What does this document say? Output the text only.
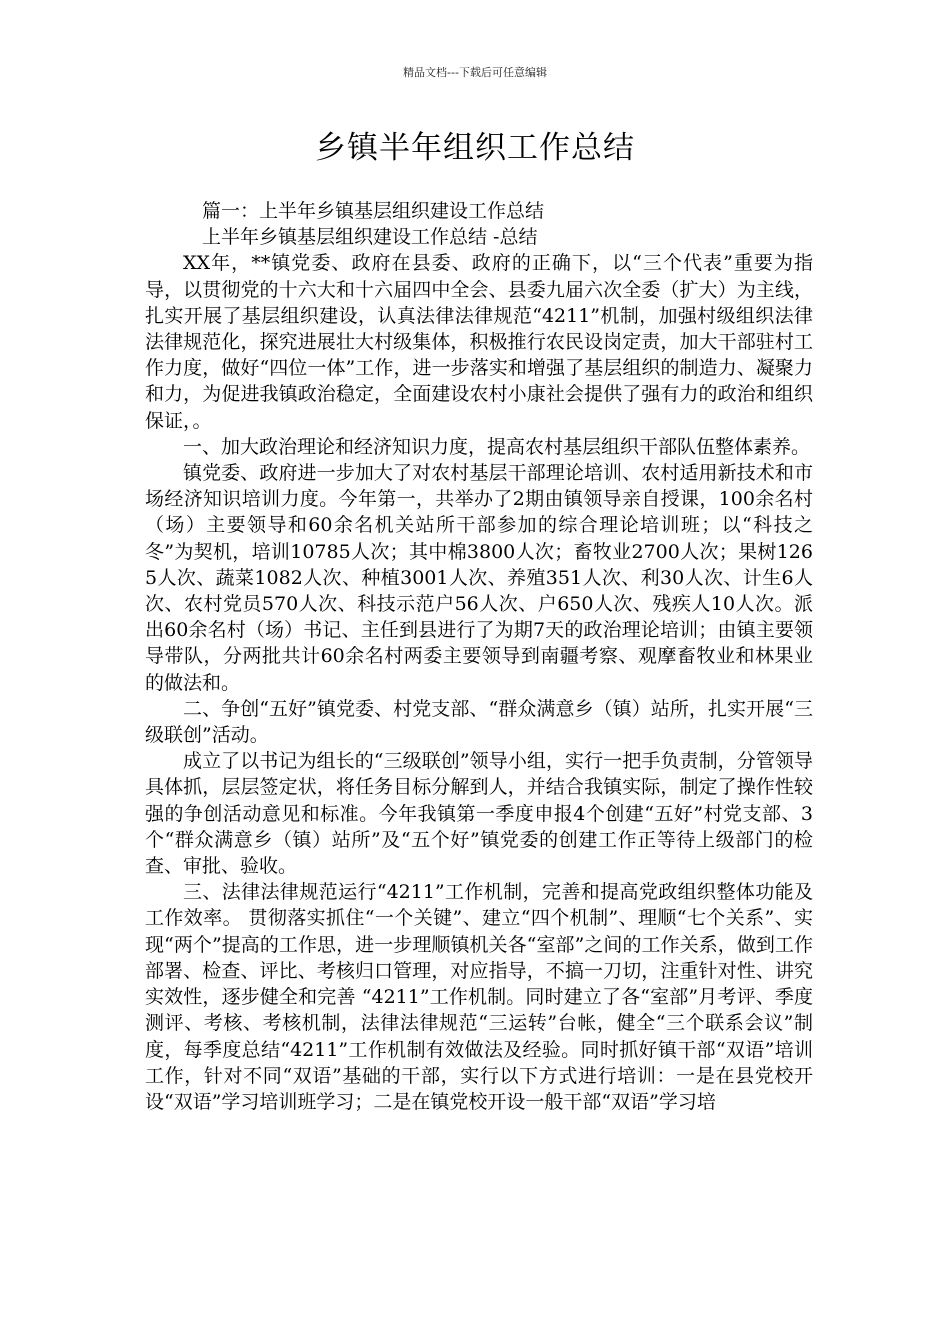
精品文档---下载后可任意编辑
乡镇半年组织工作总结

篇一：上半年乡镇基层组织建设工作总结

上半年乡镇基层组织建设工作总结 -总结

XX年，**镇党委、政府在县委、政府的正确下，以“三个代表”重要为指导，以贯彻党的十六大和十六届四中全会、县委九届六次全委（扩大）为主线，扎实开展了基层组织建设，认真法律法律规范“4211”机制，加强村级组织法律法律规范化，探究进展壮大村级集体，积极推行农民设岗定责，加大干部驻村工作力度，做好“四位一体”工作，进一步落实和增强了基层组织的制造力、凝聚力和力，为促进我镇政治稳定，全面建设农村小康社会提供了强有力的政治和组织保证，。

一、加大政治理论和经济知识力度，提高农村基层组织干部队伍整体素养。

镇党委、政府进一步加大了对农村基层干部理论培训、农村适用新技术和市场经济知识培训力度。今年第一，共举办了2期由镇领导亲自授课，100余名村（场）主要领导和60余名机关站所干部参加的综合理论培训班；以“科技之冬”为契机，培训10785人次；其中棉3800人次；畜牧业2700人次；果树1265人次、蔬菜1082人次、种植3001人次、养殖351人次、利30人次、计生6人次、农村党员570人次、科技示范户56人次、户650人次、残疾人10人次。派出60余名村（场）书记、主任到县进行了为期7天的政治理论培训；由镇主要领导带队，分两批共计60余名村两委主要领导到南疆考察、观摩畜牧业和林果业的做法和。

二、争创“五好”镇党委、村党支部、“群众满意乡（镇）站所，扎实开展“三级联创”活动。

成立了以书记为组长的“三级联创”领导小组，实行一把手负责制，分管领导具体抓，层层签定状，将任务目标分解到人，并结合我镇实际，制定了操作性较强的争创活动意见和标准。今年我镇第一季度申报4个创建“五好”村党支部、3个“群众满意乡（镇）站所”及“五个好”镇党委的创建工作正等待上级部门的检查、审批、验收。

三、法律法律规范运行“4211”工作机制，完善和提高党政组织整体功能及工作效率。 贯彻落实抓住“一个关键”、建立“四个机制”、理顺“七个关系”、实现“两个”提高的工作思，进一步理顺镇机关各“室部”之间的工作关系，做到工作部署、检查、评比、考核归口管理，对应指导，不搞一刀切，注重针对性、讲究实效性，逐步健全和完善 “4211”工作机制。同时建立了各“室部”月考评、季度测评、考核、考核机制，法律法律规范“三运转”台帐，健全“三个联系会议”制度，每季度总结“4211”工作机制有效做法及经验。同时抓好镇干部“双语”培训工作，针对不同“双语”基础的干部，实行以下方式进行培训：一是在县党校开设“双语”学习培训班学习；二是在镇党校开设一般干部“双语”学习培
